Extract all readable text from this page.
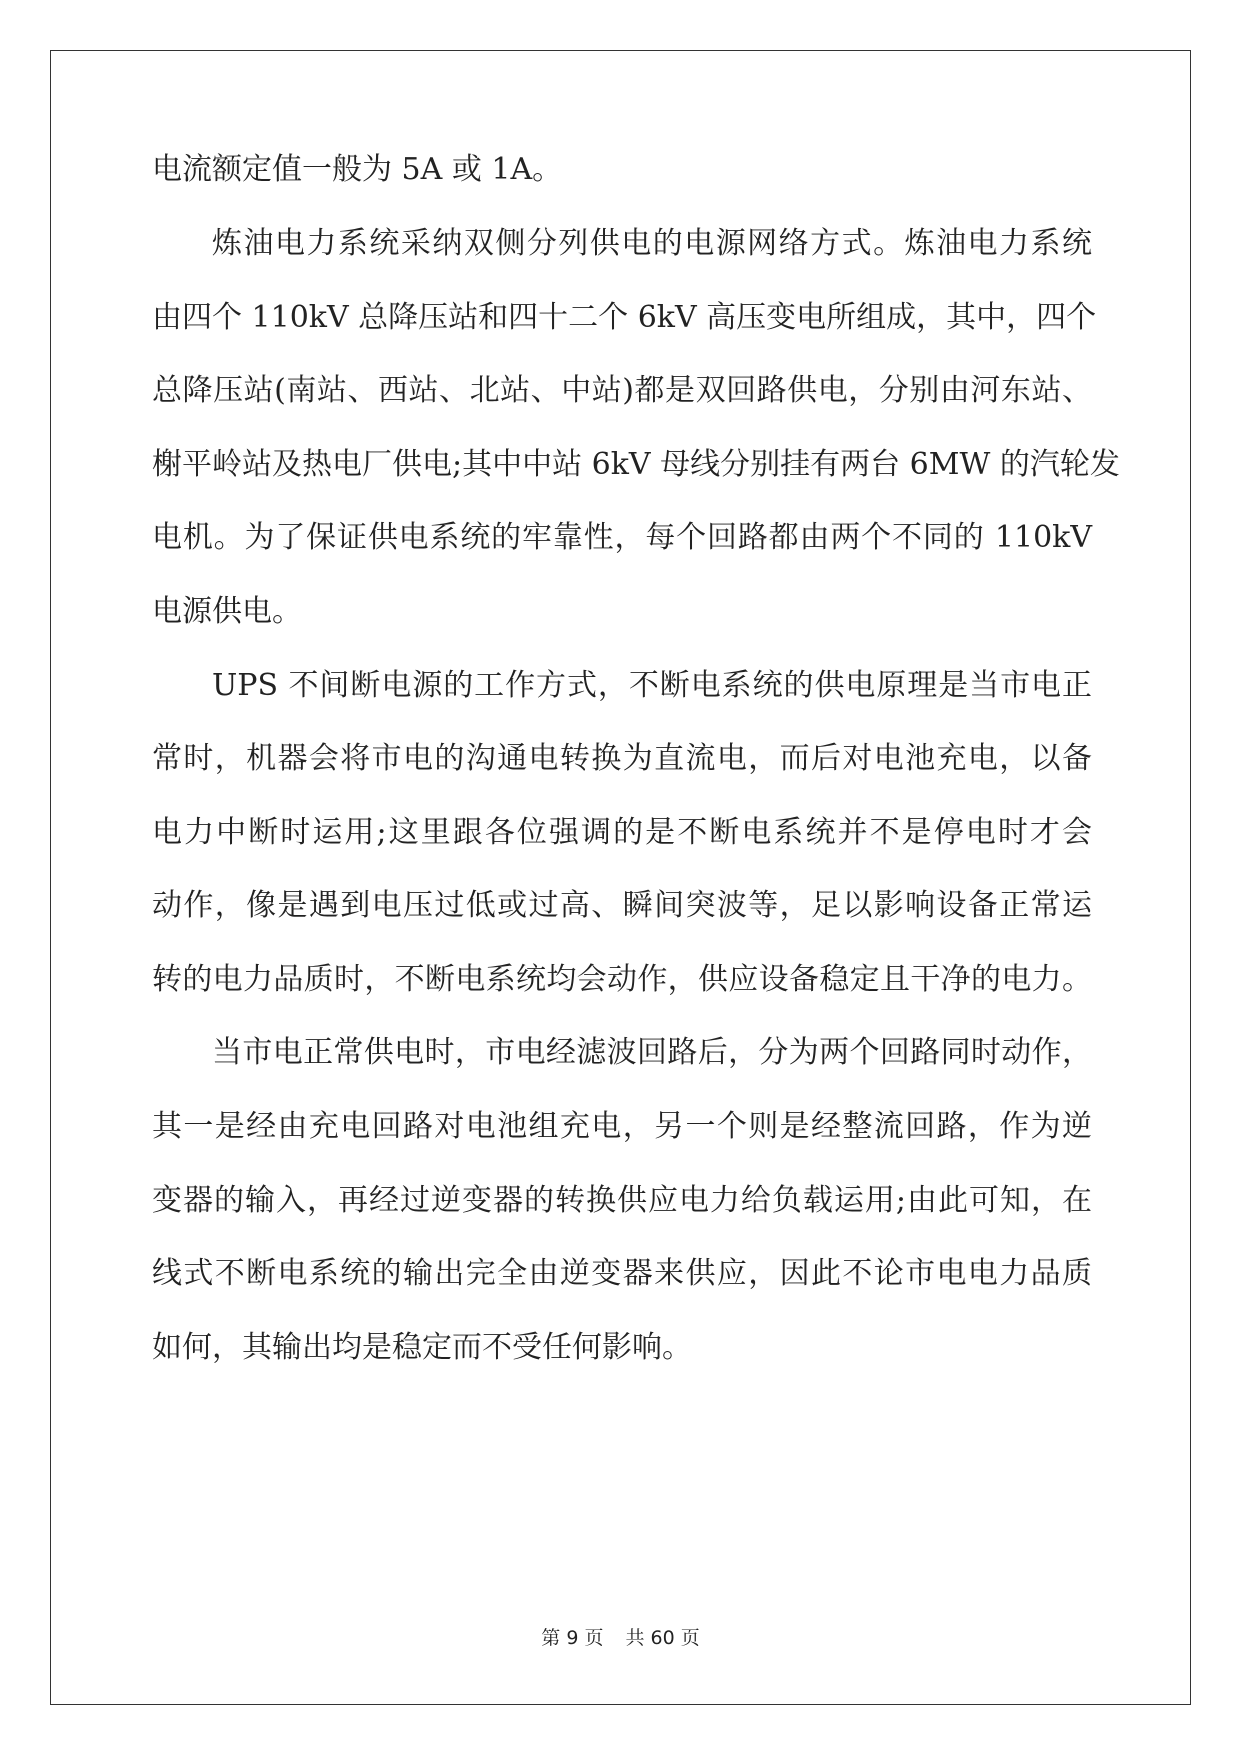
电流额定值一般为 5A 或 1A。
炼油电力系统采纳双侧分列供电的电源网络方式。炼油电力系统
由四个 110kV 总降压站和四十二个 6kV 高压变电所组成，其中，四个
总降压站(南站、西站、北站、中站)都是双回路供电，分别由河东站、
榭平岭站及热电厂供电;其中中站 6kV 母线分别挂有两台 6MW 的汽轮发
电机。为了保证供电系统的牢靠性，每个回路都由两个不同的 110kV
电源供电。
UPS 不间断电源的工作方式，不断电系统的供电原理是当市电正
常时，机器会将市电的沟通电转换为直流电，而后对电池充电，以备
电力中断时运用;这里跟各位强调的是不断电系统并不是停电时才会
动作，像是遇到电压过低或过高、瞬间突波等，足以影响设备正常运
转的电力品质时，不断电系统均会动作，供应设备稳定且干净的电力。
当市电正常供电时，市电经滤波回路后，分为两个回路同时动作，
其一是经由充电回路对电池组充电，另一个则是经整流回路，作为逆
变器的输入，再经过逆变器的转换供应电力给负载运用;由此可知，在
线式不断电系统的输出完全由逆变器来供应，因此不论市电电力品质
如何，其输出均是稳定而不受任何影响。
第 9 页 共 60 页
